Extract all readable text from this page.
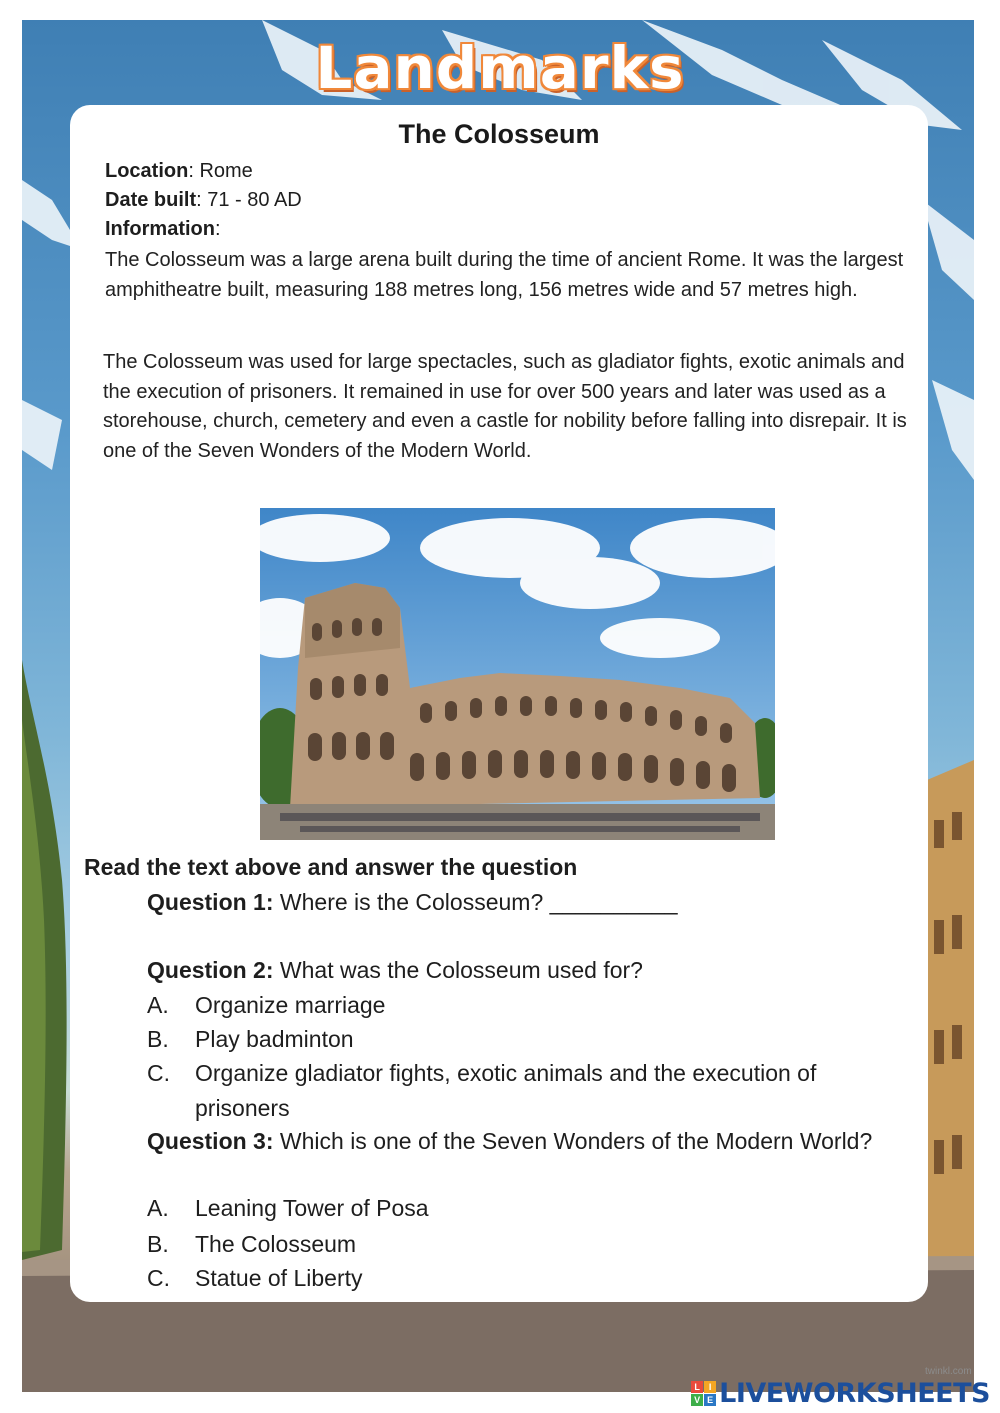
Landmarks
The Colosseum
Location: Rome
Date built: 71 - 80 AD
Information:

The Colosseum was a large arena built during the time of ancient Rome. It was the largest amphitheatre built, measuring 188 metres long, 156 metres wide and 57 metres high.

The Colosseum was used for large spectacles, such as gladiator fights, exotic animals and the execution of prisoners. It remained in use for over 500 years and later was used as a storehouse, church, cemetery and even a castle for nobility before falling into disrepair. It is one of the Seven Wonders of the Modern World.

Read the text above and answer the question
Question 1: Where is the Colosseum? __________
Question 2: What was the Colosseum used for?
A.	Organize marriage
B.	Play badminton
C.	Organize gladiator fights, exotic animals and the execution of prisoners
Question 3: Which is one of the Seven Wonders of the Modern World?
A.	Leaning Tower of Posa
B.	The Colosseum
C.	Statue of Liberty
twinkl.com
L I
V E LIVEWORKSHEETS
